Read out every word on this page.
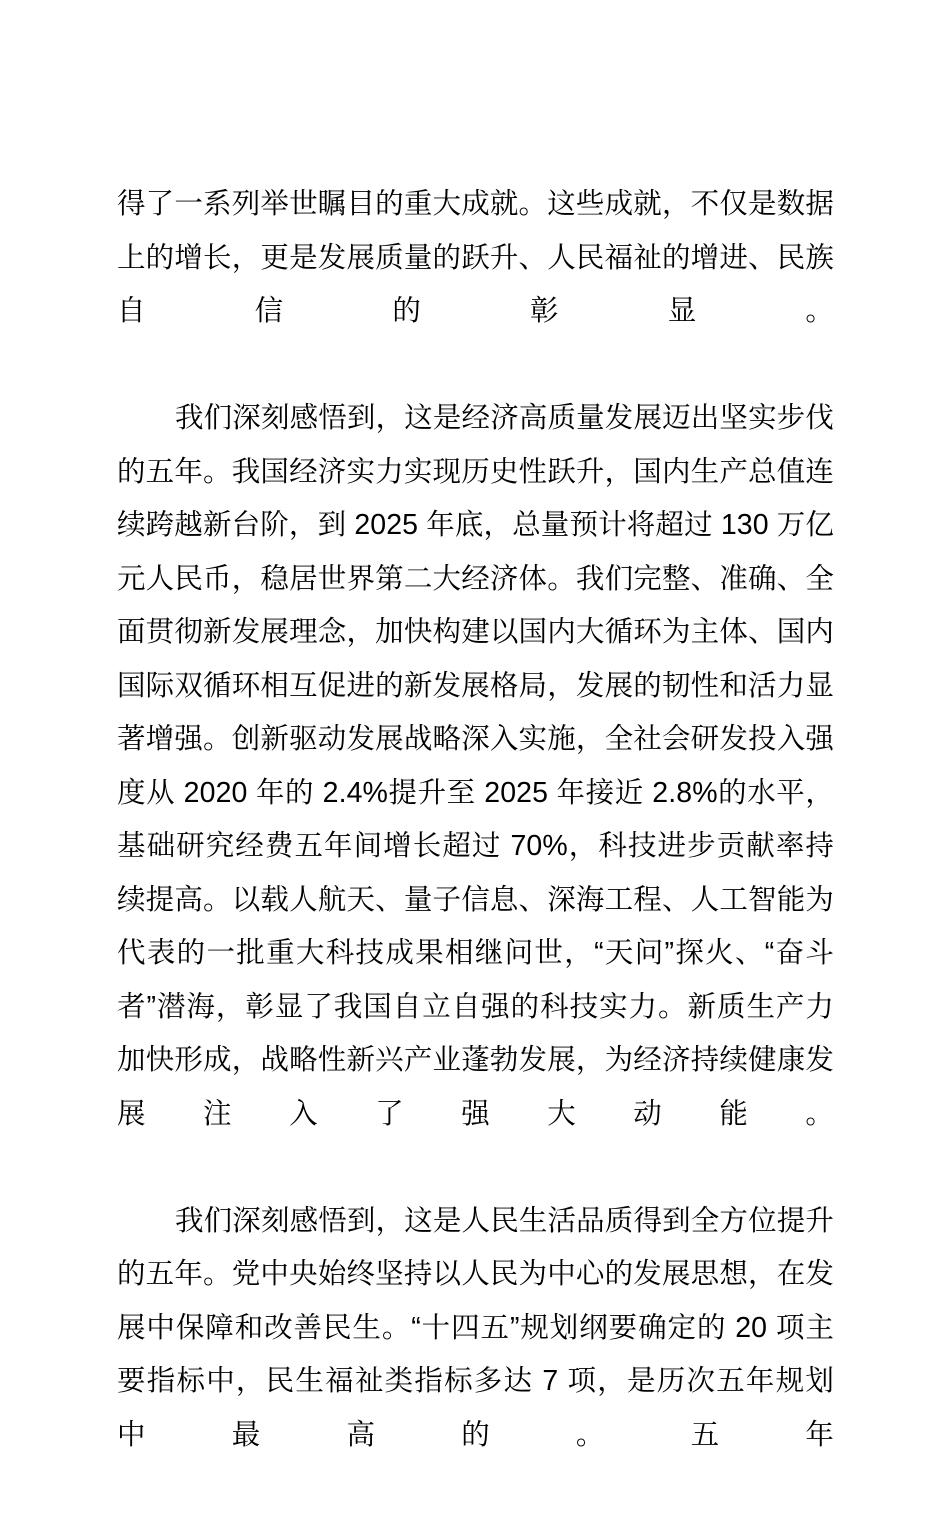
得了一系列举世瞩目的重大成就。这些成就，不仅是数据上的增长，更是发展质量的跃升、人民福祉的增进、民族自信的彰显。

我们深刻感悟到，这是经济高质量发展迈出坚实步伐的五年。我国经济实力实现历史性跃升，国内生产总值连续跨越新台阶，到 2025 年底，总量预计将超过 130 万亿元人民币，稳居世界第二大经济体。我们完整、准确、全面贯彻新发展理念，加快构建以国内大循环为主体、国内国际双循环相互促进的新发展格局，发展的韧性和活力显著增强。创新驱动发展战略深入实施，全社会研发投入强度从 2020 年的 2.4%提升至 2025 年接近 2.8%的水平，基础研究经费五年间增长超过 70%，科技进步贡献率持续提高。以载人航天、量子信息、深海工程、人工智能为代表的一批重大科技成果相继问世，“天问”探火、“奋斗者”潜海，彰显了我国自立自强的科技实力。新质生产力加快形成，战略性新兴产业蓬勃发展，为经济持续健康发展注入了强大动能。

我们深刻感悟到，这是人民生活品质得到全方位提升的五年。党中央始终坚持以人民为中心的发展思想，在发展中保障和改善民生。“十四五”规划纲要确定的 20 项主要指标中，民生福祉类指标多达 7 项，是历次五年规划中最高的。五年
